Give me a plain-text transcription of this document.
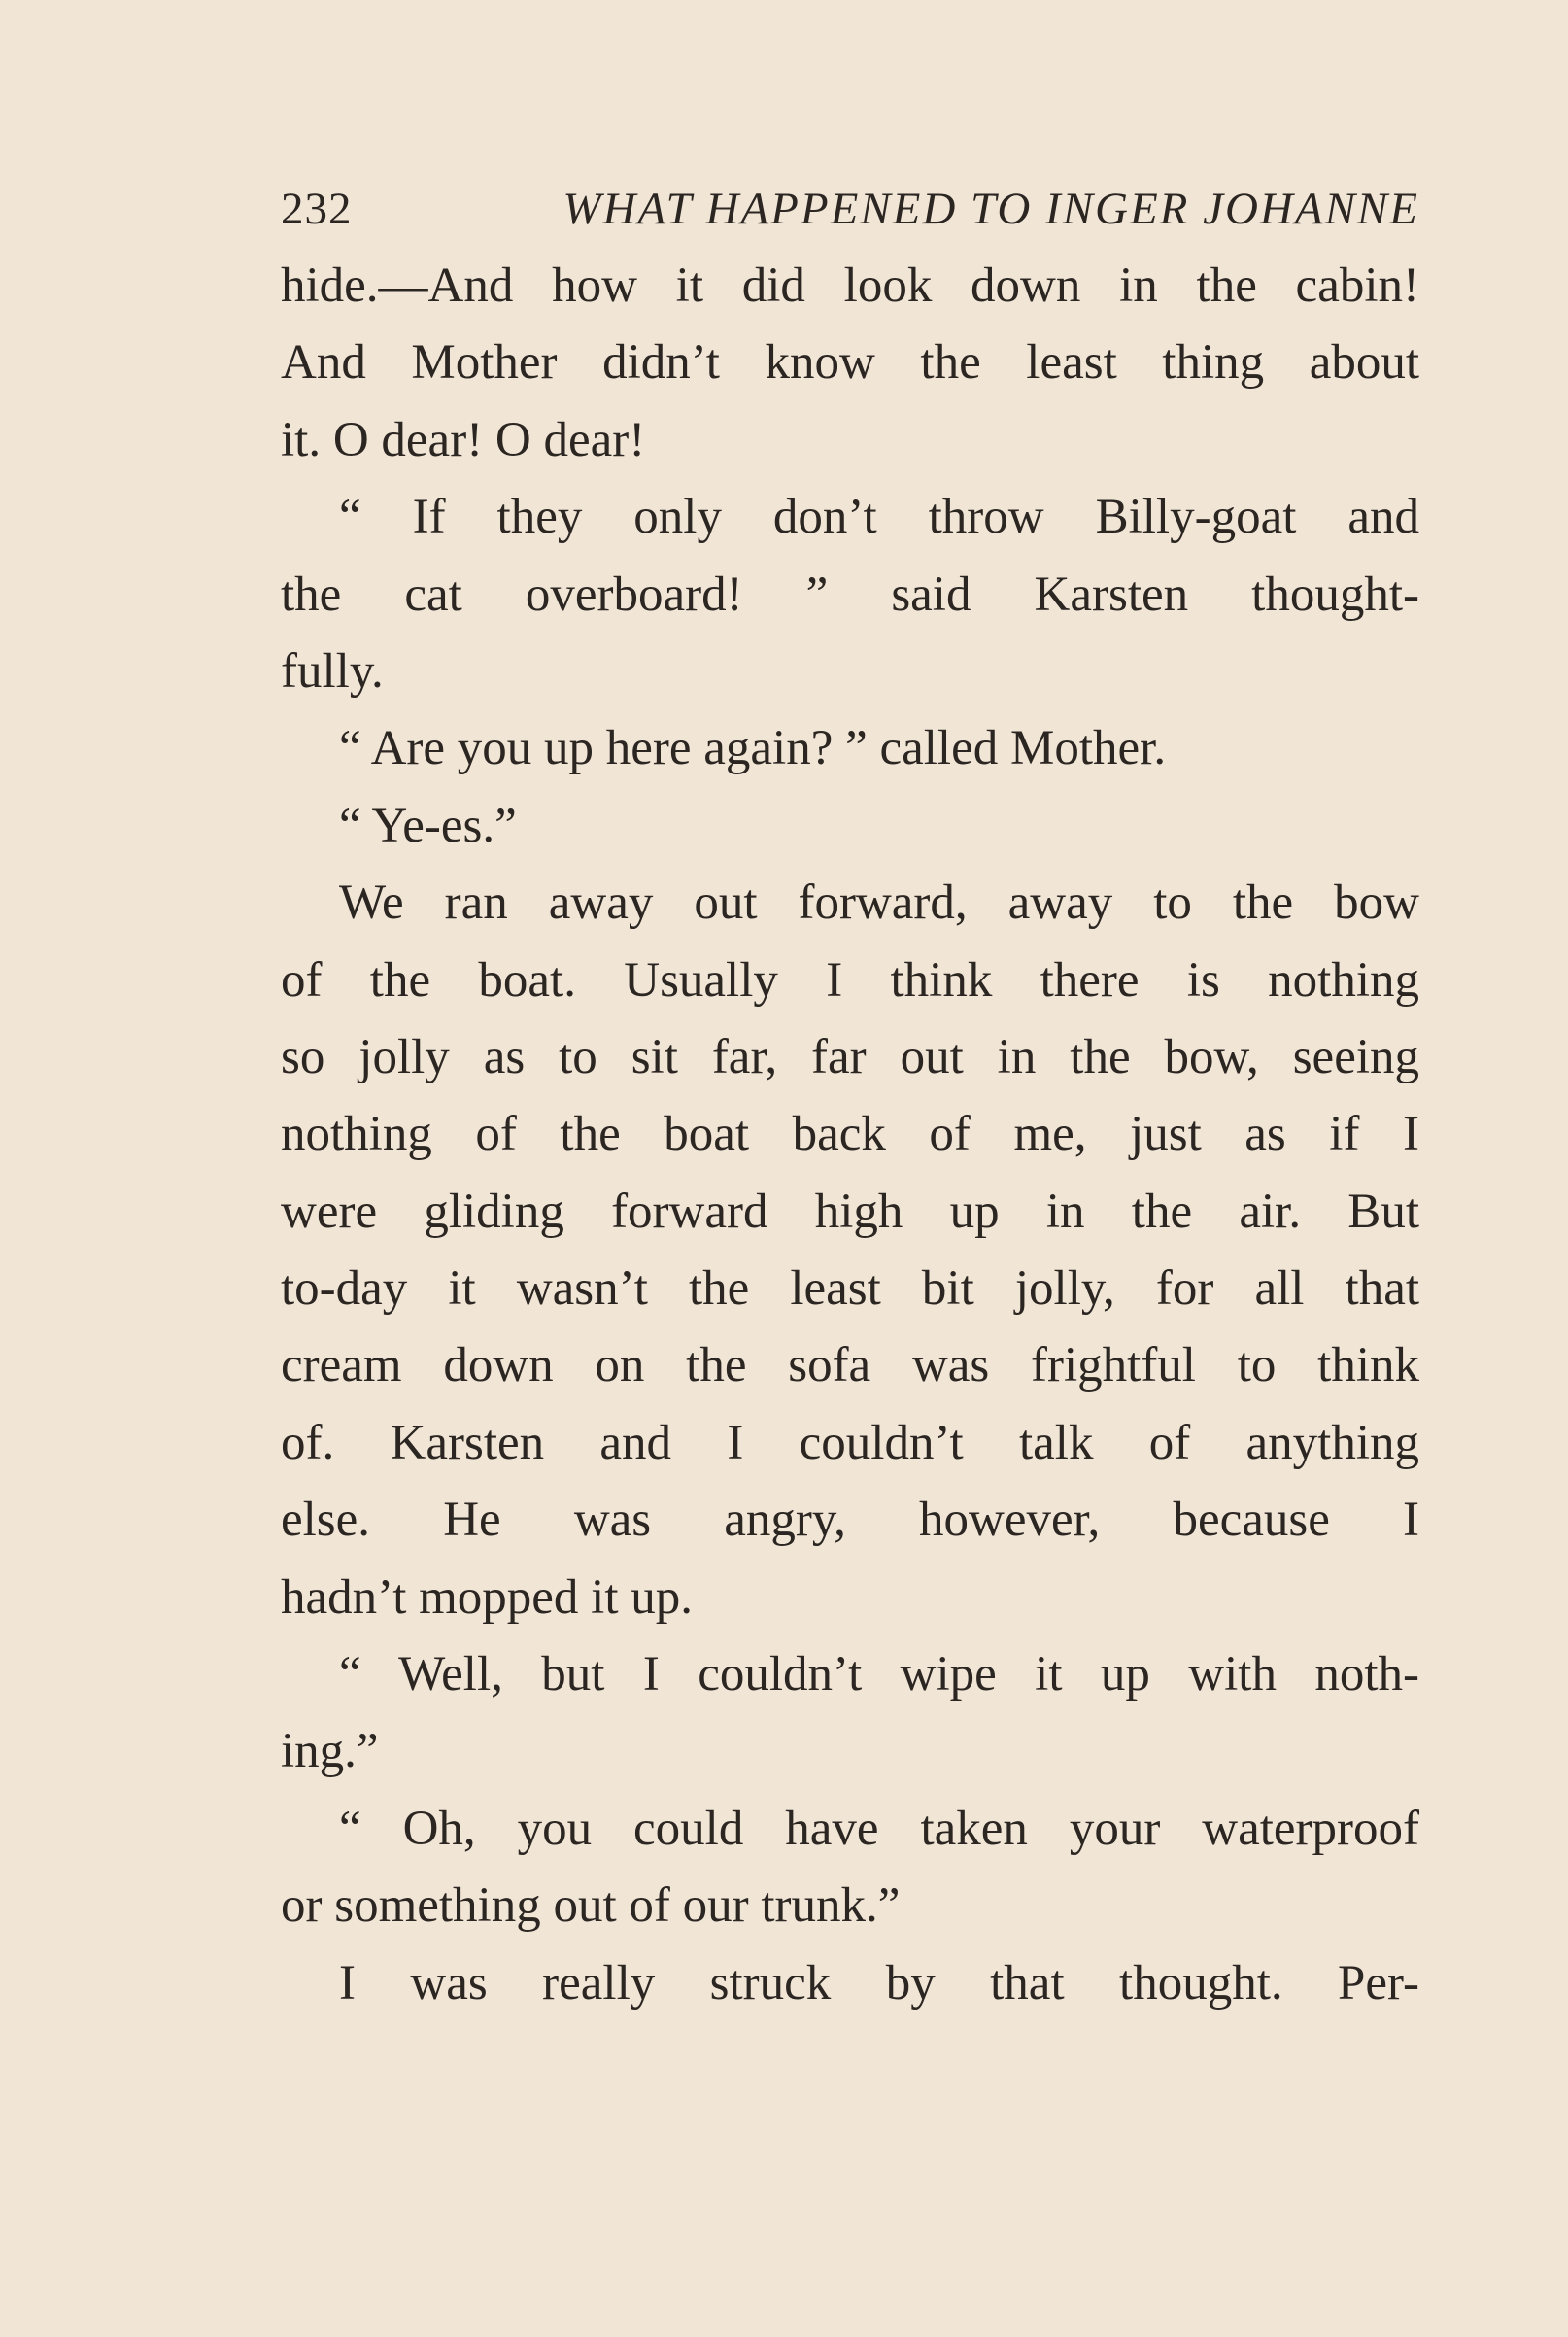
232	WHAT HAPPENED TO INGER JOHANNE
hide.—And how it did look down in the cabin!
And Mother didn’t know the least thing about
it. O dear! O dear!
“ If they only don’t throw Billy-goat and
the cat overboard! ” said Karsten thought-
fully.
“ Are you up here again? ” called Mother.
“ Ye-es.”
We ran away out forward, away to the bow
of the boat. Usually I think there is nothing
so jolly as to sit far, far out in the bow, seeing
nothing of the boat back of me, just as if I
were gliding forward high up in the air. But
to-day it wasn’t the least bit jolly, for all that
cream down on the sofa was frightful to think
of. Karsten and I couldn’t talk of anything
else. He was angry, however, because I
hadn’t mopped it up.
“ Well, but I couldn’t wipe it up with noth-
ing.”
“ Oh, you could have taken your waterproof
or something out of our trunk.”
I was really struck by that thought. Per-
